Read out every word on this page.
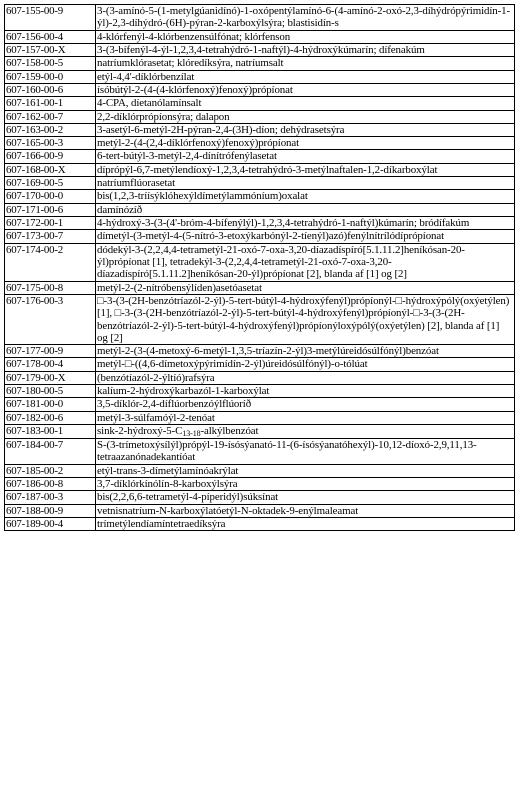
607-155-00-9	3-(3-amínó-5-(1-metylgúanidínó)-1-oxópentýlamínó-6-(4-amínó-2-oxó-2,3-díhýdrópýrimidín-1-ýl)-2,3-díhýdró-(6H)-pýran-2-karboxýlsýra; blastisidín-s
607-156-00-4	4-klórfenýl-4-klórbenzensúlfónat; klórfenson
607-157-00-X	3-(3-bífenýl-4-ýl-1,2,3,4-tetrahýdró-1-naftýl)-4-hýdroxýkúmarín; dífenakúm
607-158-00-5	natríumklórasetat; klóredíksýra, natríumsalt
607-159-00-0	etýl-4,4'-díklórbenzílat
607-160-00-6	ísóbútýl-2-(4-(4-klórfenoxý)fenoxý)própíonat
607-161-00-1	4-CPA, díetanólamínsalt
607-162-00-7	2,2-díklórprópíonsýra; dalapon
607-163-00-2	3-asetýl-6-metýl-2H-pýran-2,4-(3H)-díon; dehýdrasetsýra
607-165-00-3	metýl-2-(4-(2,4-díklórfenoxý)fenoxý)própíonat
607-166-00-9	6-tert-bútýl-3-metýl-2,4-dínítrófenýlasetat
607-168-00-X	díprópýl-6,7-metýlendíoxý-1,2,3,4-tetrahýdró-3-metýlnaftalen-1,2-díkarboxýlat
607-169-00-5	natríumflúorasetat
607-170-00-0	bis(1,2,3-tríísýklóhexýldímetýlammóníum)oxalat
607-171-00-6	damínózíð
607-172-00-1	4-hýdroxý-3-(3-(4'-bróm-4-bífenýlýl)-1,2,3,4-tetrahýdró-1-naftýl)kúmarín; bródífakúm
607-173-00-7	dímetýl-(3-metýl-4-(5-nítró-3-etoxýkarbónýl-2-tíenýl)azó)fenýlnítrílódíprópíonat
607-174-00-2	dódekýl-3-(2,2,4,4-tetrametýl-21-oxó-7-oxa-3,20-díazadíspíró[5.1.11.2]heníkósan-20-ýl)própíonat [1], tetradekýl-3-(2,2,4,4-tetrametýl-21-oxó-7-oxa-3,20-díazadíspíró[5.1.11.2]heníkósan-20-ýl)própíonat [2], blanda af [1] og [2]
607-175-00-8	metýl-2-(2-nítróbensýlíden)asetóasetat
607-176-00-3	□-3-(3-(2H-benzótríazól-2-ýl)-5-tert-bútýl-4-hýdroxýfenýl)própíonýl-□-hýdroxýpólý(oxýetýlen) [1], □-3-(3-(2H-benzótríazól-2-ýl)-5-tert-bútýl-4-hýdroxýfenýl)própíonýl-□-3-(3-(2H-benzótríazól-2-ýl)-5-tert-bútýl-4-hýdroxýfenýl)própíonýloxýpólý(oxýetýlen) [2], blanda af [1] og [2]
607-177-00-9	metýl-2-(3-(4-metoxý-6-metýl-1,3,5-tríazín-2-ýl)3-metýlúreidósúlfónýl)benzóat
607-178-00-4	metýl-□-((4,6-dímetoxýpýrimídín-2-ýl)úreidósúlfónýl)-o-tólúat
607-179-00-X	(benzótíazól-2-ýltíó)rafsýra
607-180-00-5	kalíum-2-hýdroxýkarbazól-1-karboxýlat
607-181-00-0	3,5-díklór-2,4-díflúorbenzóýlflúoríð
607-182-00-6	metýl-3-súlfamóýl-2-tenóat
607-183-00-1	sink-$2-hýdroxý-5-C_{13-18}$-alkýlbenzóat
607-184-00-7	S-(3-trímetoxýsílýl)própýl-19-ísósýanató-11-(6-ísósýanatóhexýl)-10,12-díoxó-2,9,11,13-tetraazanónadekantíóat
607-185-00-2	etýl-trans-3-dímetýlamínóakrýlat
607-186-00-8	3,7-díklórkínólín-8-karboxýlsýra
607-187-00-3	bis(2,2,6,6-tetrametýl-4-píperidýl)súksínat
607-188-00-9	vetnisnatríum-N-karboxýlatóetýl-N-oktadek-9-enýlmaleamat
607-189-00-4	trímetýlendíamíntetraedíksýra
